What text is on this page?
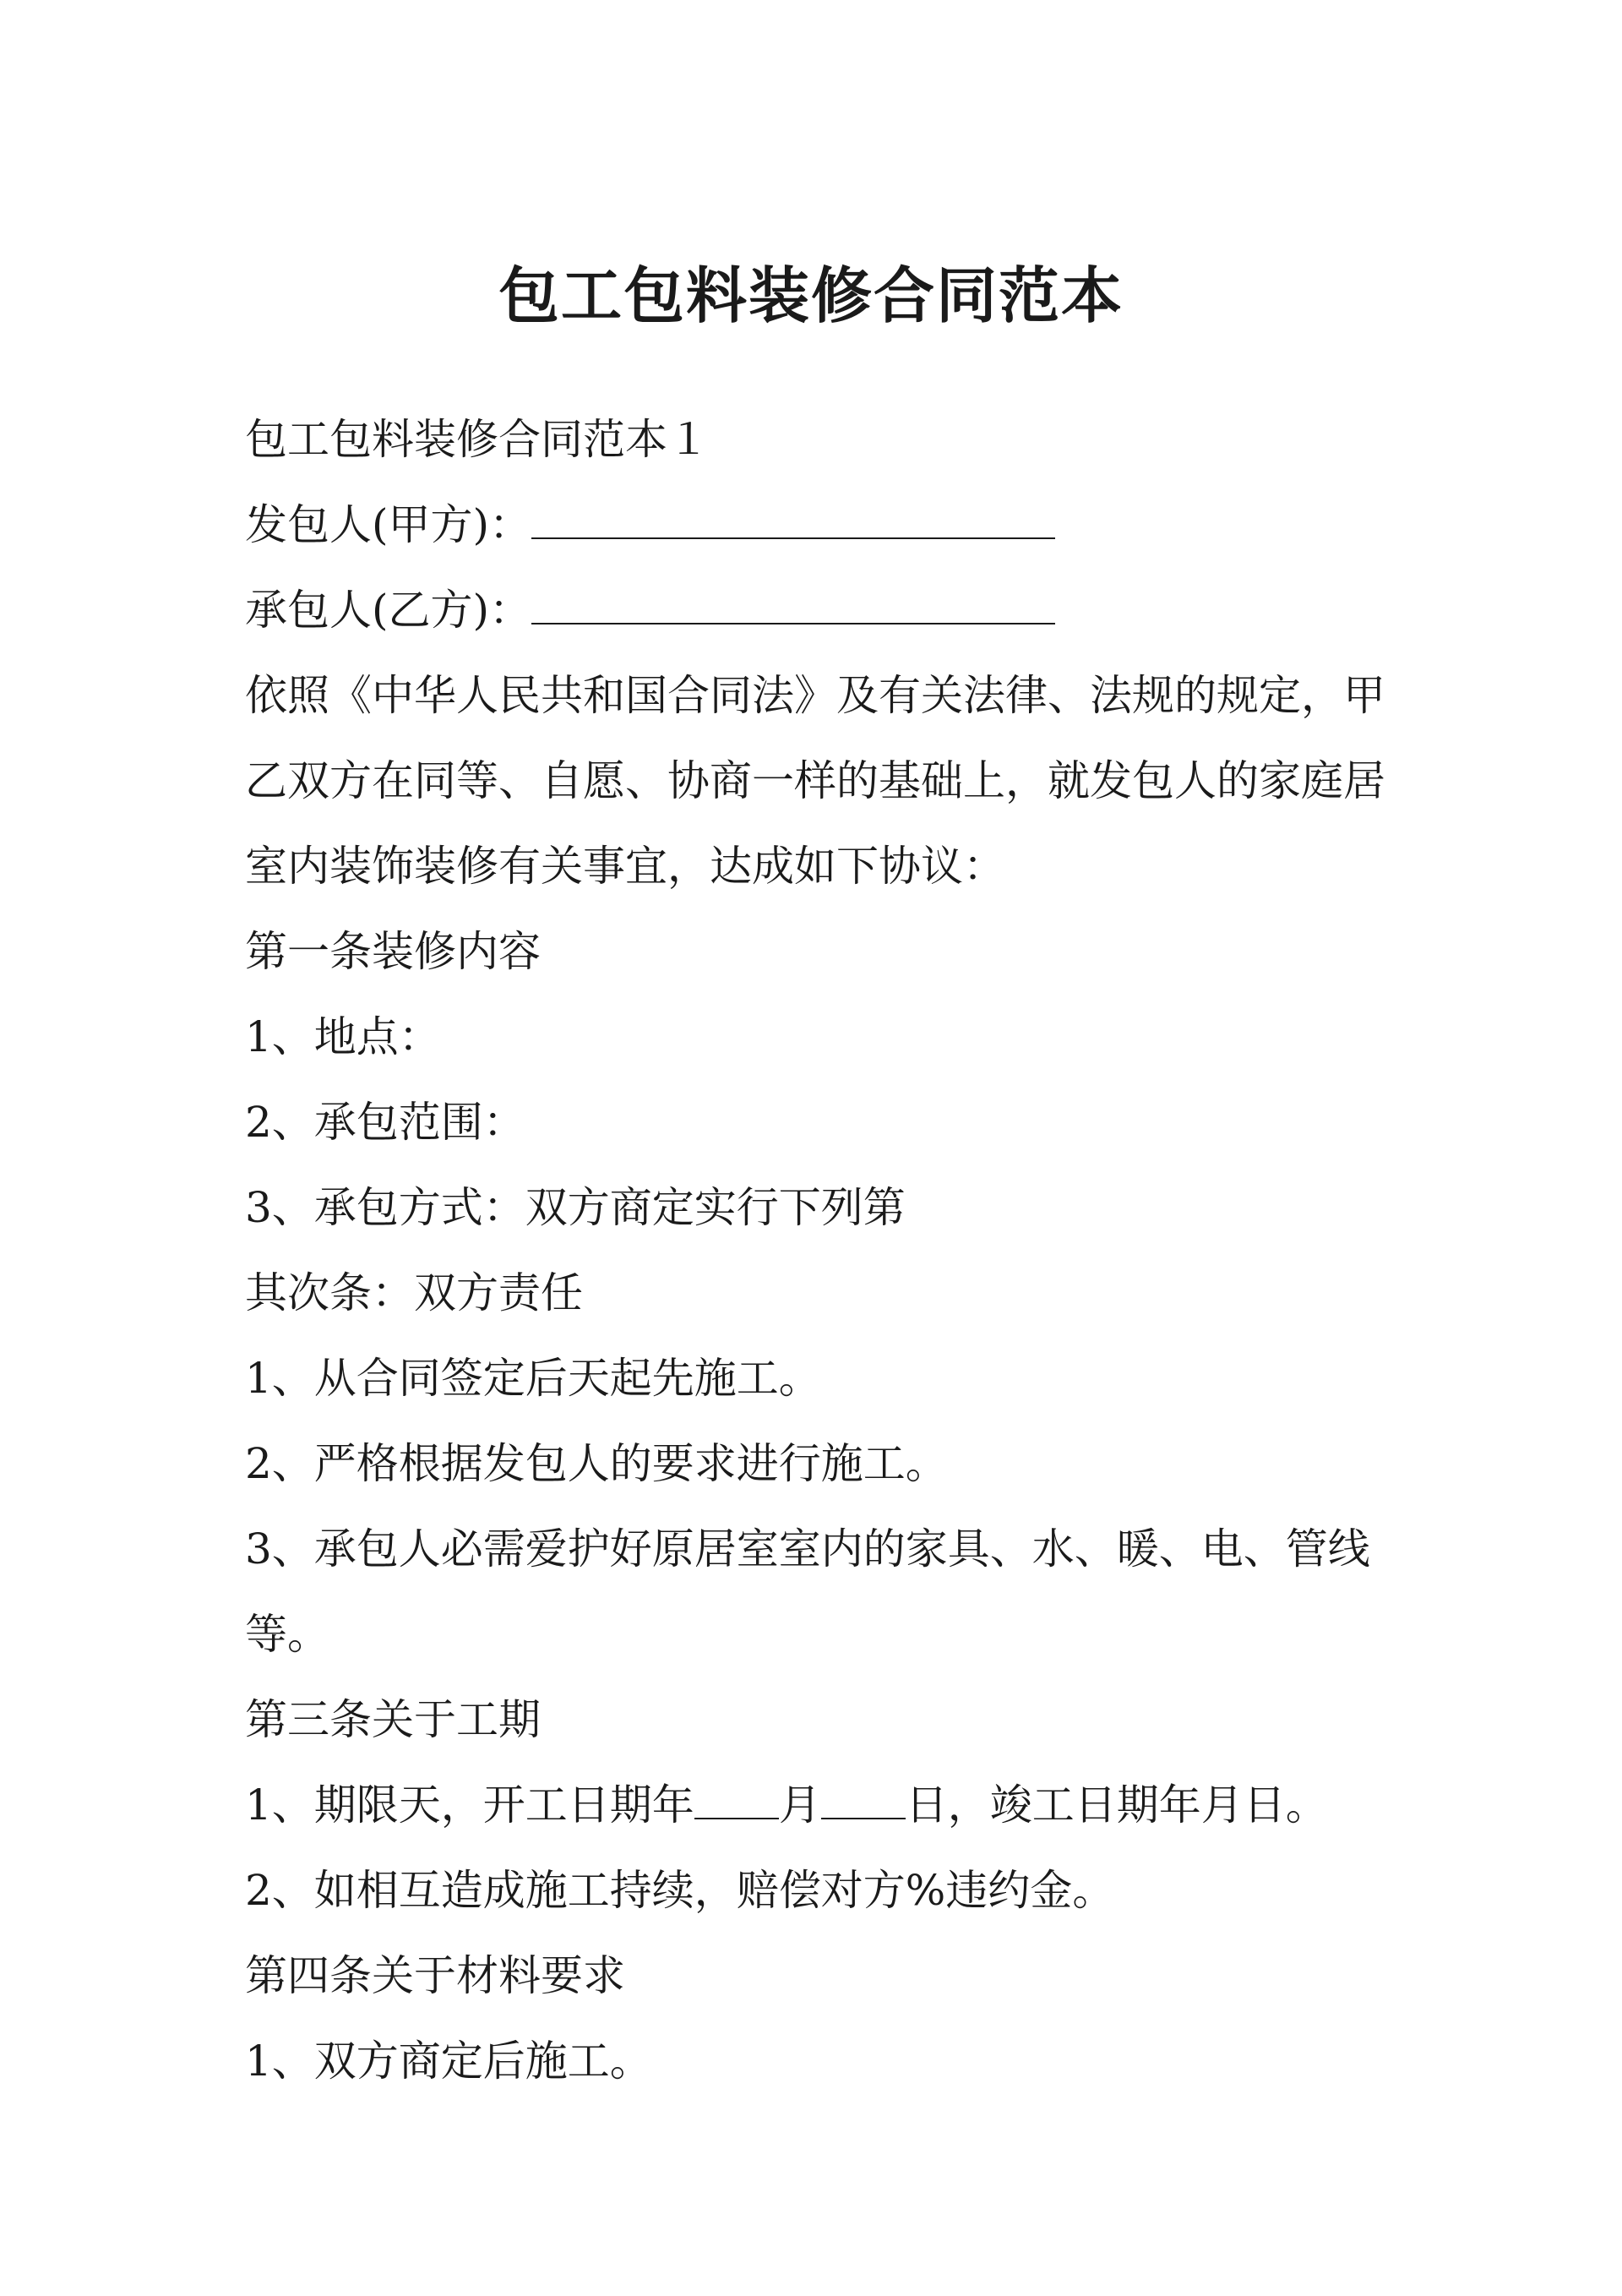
包工包料装修合同范本

包工包料装修合同范本１

发包人(甲方)：

承包人(乙方)：

依照《中华人民共和国合同法》及有关法律、法规的规定，甲乙双方在同等、自愿、协商一样的基础上，就发包人的家庭居室内装饰装修有关事宜，达成如下协议：

第一条装修内容

1、地点：

2、承包范围：

3、承包方式：双方商定实行下列第

其次条：双方责任

1、从合同签定后天起先施工。

2、严格根据发包人的要求进行施工。

3、承包人必需爱护好原居室室内的家具、水、暖、电、管线等。

第三条关于工期

1、期限天，开工日期年 月 日，竣工日期年月日。

2、如相互造成施工持续，赔偿对方%违约金。

第四条关于材料要求

1、双方商定后施工。
